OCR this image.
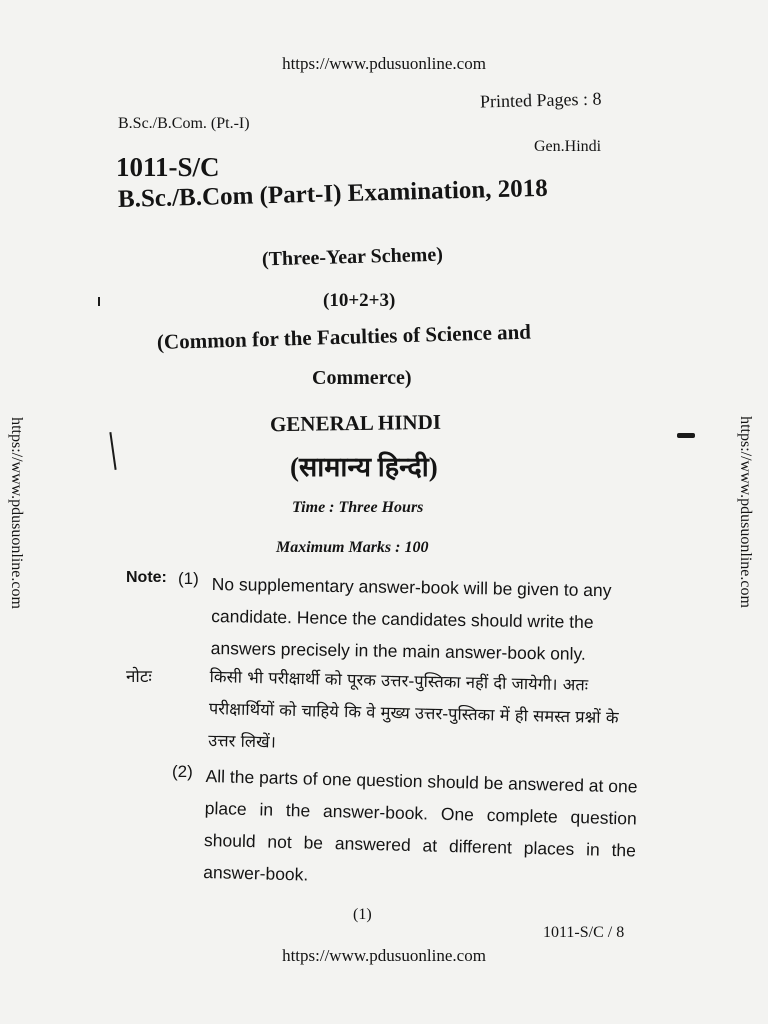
https://www.pdusuonline.com
https://www.pdusuonline.com	https://www.pdusuonline.com
Printed Pages : 8
B.Sc./B.Com. (Pt.-I)
Gen.Hindi
1011-S/C
B.Sc./B.Com (Part-I) Examination, 2018
(Three-Year Scheme)
(10+2+3)
(Common for the Faculties of Science and
Commerce)
GENERAL HINDI
(सामान्य हिन्दी)
Time : Three Hours
Maximum Marks : 100
Note: (1) No supplementary answer-book will be given to any candidate. Hence the candidates should write the answers precisely in the main answer-book only.
नोटः	किसी भी परीक्षार्थी को पूरक उत्तर-पुस्तिका नहीं दी जायेगी। अतः परीक्षार्थियों को चाहिये कि वे मुख्य उत्तर-पुस्तिका में ही समस्त प्रश्नों के उत्तर लिखें।
(2) All the parts of one question should be answered at one place in the answer-book. One complete question should not be answered at different places in the answer-book.
(1)
1011-S/C / 8
https://www.pdusuonline.com
